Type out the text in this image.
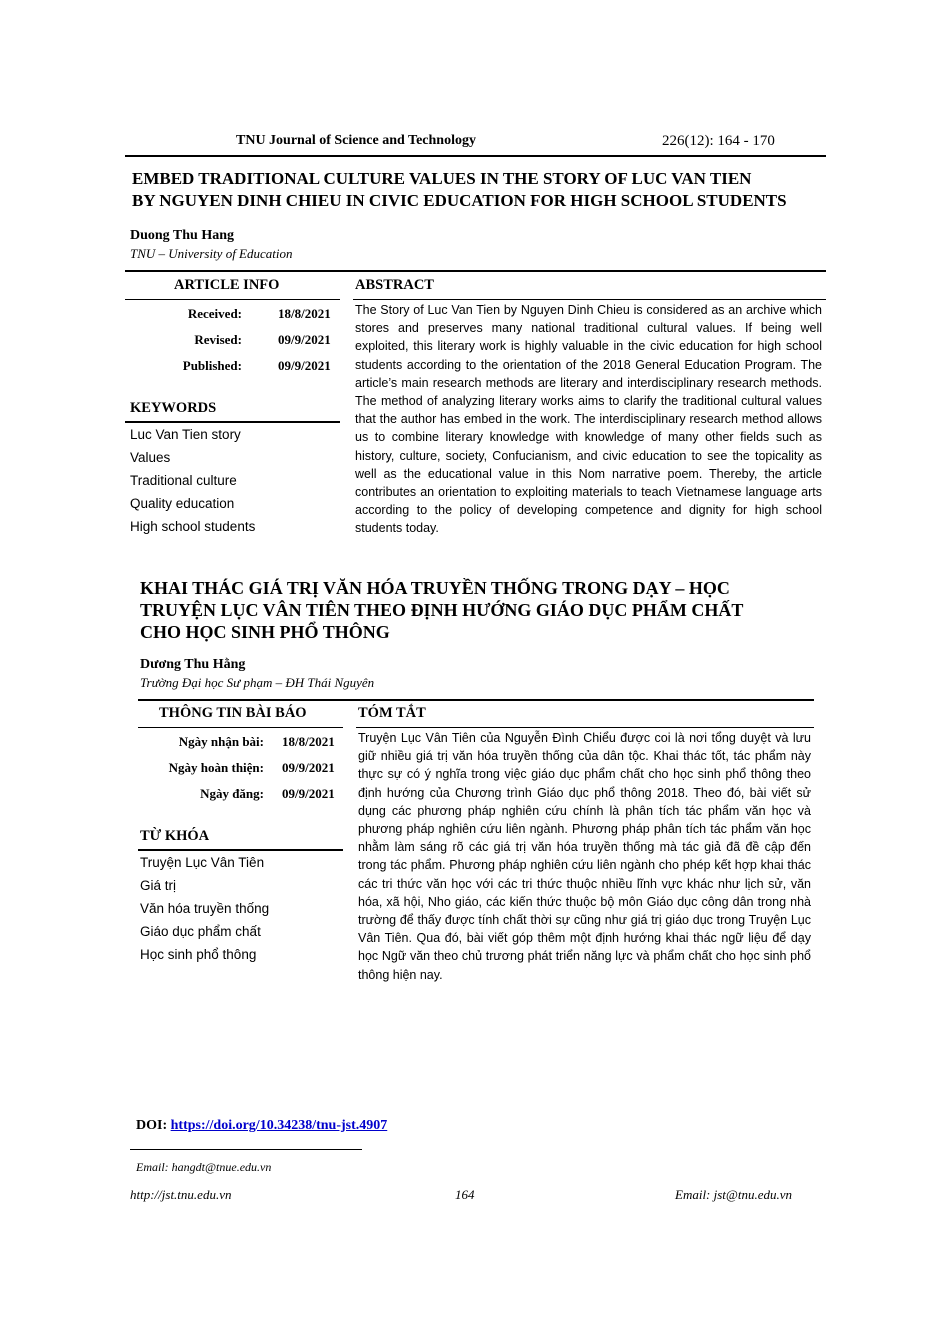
TNU Journal of Science and Technology	226(12): 164 - 170
EMBED TRADITIONAL CULTURE VALUES IN THE STORY OF LUC VAN TIEN
BY NGUYEN DINH CHIEU IN CIVIC EDUCATION FOR HIGH SCHOOL STUDENTS
Duong Thu Hang
TNU – University of Education
ARTICLE INFO	ABSTRACT
Received:	18/8/2021
Revised:	09/9/2021
Published:	09/9/2021
KEYWORDS
Luc Van Tien story
Values
Traditional culture
Quality education
High school students
The Story of Luc Van Tien by Nguyen Dinh Chieu is considered as an archive which stores and preserves many national traditional cultural values. If being well exploited, this literary work is highly valuable in the civic education for high school students according to the orientation of the 2018 General Education Program. The article’s main research methods are literary and interdisciplinary research methods. The method of analyzing literary works aims to clarify the traditional cultural values that the author has embed in the work. The interdisciplinary research method allows us to combine literary knowledge with knowledge of many other fields such as history, culture, society, Confucianism, and civic education to see the topicality as well as the educational value in this Nom narrative poem. Thereby, the article contributes an orientation to exploiting materials to teach Vietnamese language arts according to the policy of developing competence and dignity for high school students today.
KHAI THÁC GIÁ TRỊ VĂN HÓA TRUYỀN THỐNG TRONG DẠY – HỌC
TRUYỆN LỤC VÂN TIÊN THEO ĐỊNH HƯỚNG GIÁO DỤC PHẨM CHẤT
CHO HỌC SINH PHỔ THÔNG
Dương Thu Hằng
Trường Đại học Sư phạm – ĐH Thái Nguyên
THÔNG TIN BÀI BÁO	TÓM TẮT
Ngày nhận bài: 18/8/2021
Ngày hoàn thiện: 09/9/2021
Ngày đăng: 09/9/2021
TỪ KHÓA
Truyện Lục Vân Tiên
Giá trị
Văn hóa truyền thống
Giáo dục phẩm chất
Học sinh phổ thông
Truyện Lục Vân Tiên của Nguyễn Đình Chiểu được coi là nơi tổng duyệt và lưu giữ nhiều giá trị văn hóa truyền thống của dân tộc. Khai thác tốt, tác phẩm này thực sự có ý nghĩa trong việc giáo dục phẩm chất cho học sinh phổ thông theo định hướng của Chương trình Giáo dục phổ thông 2018. Theo đó, bài viết sử dụng các phương pháp nghiên cứu chính là phân tích tác phẩm văn học và phương pháp nghiên cứu liên ngành. Phương pháp phân tích tác phẩm văn học nhằm làm sáng rõ các giá trị văn hóa truyền thống mà tác giả đã đề cập đến trong tác phẩm. Phương pháp nghiên cứu liên ngành cho phép kết hợp khai thác các tri thức văn học với các tri thức thuộc nhiều lĩnh vực khác như lịch sử, văn hóa, xã hội, Nho giáo, các kiến thức thuộc bộ môn Giáo dục công dân trong nhà trường để thấy được tính chất thời sự cũng như giá trị giáo dục trong Truyện Lục Vân Tiên. Qua đó, bài viết góp thêm một định hướng khai thác ngữ liệu để dạy học Ngữ văn theo chủ trương phát triển năng lực và phẩm chất cho học sinh phổ thông hiện nay.
DOI: https://doi.org/10.34238/tnu-jst.4907
Email: hangdt@tnue.edu.vn
http://jst.tnu.edu.vn	164	Email: jst@tnu.edu.vn
